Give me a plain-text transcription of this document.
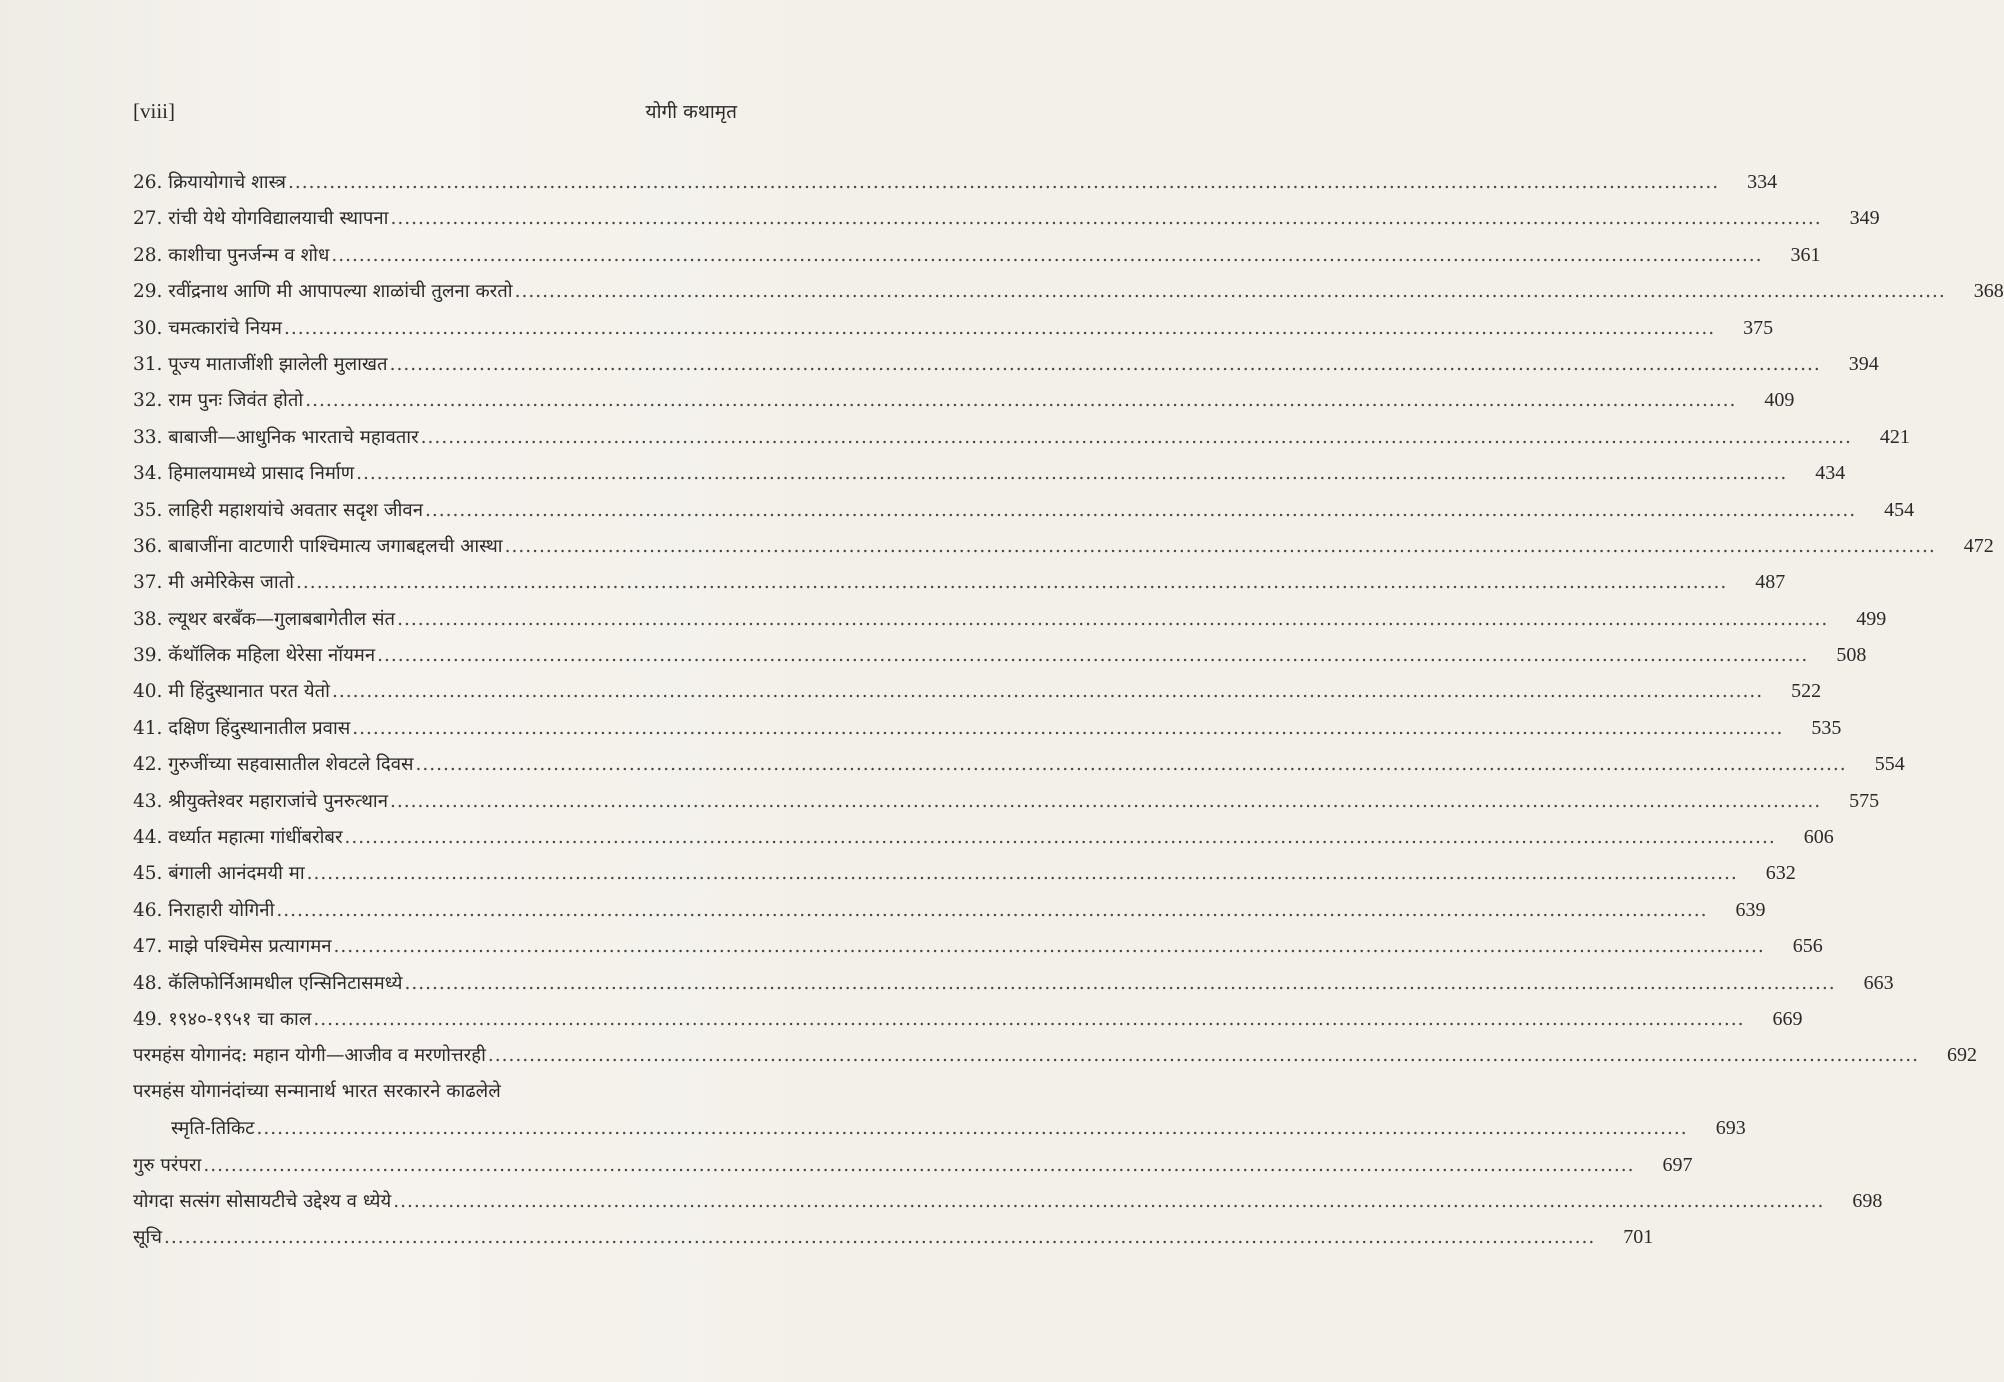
[viii]	योगी कथामृत
26. क्रियायोगाचे शास्त्र .....	334
27. रांची येथे योगविद्यालयाची स्थापना .....	349
28. काशीचा पुनर्जन्म व शोध .....	361
29. रवींद्रनाथ आणि मी आपापल्या शाळांची तुलना करतो .....	368
30. चमत्कारांचे नियम .....	375
31. पूज्य माताजींशी झालेली मुलाखत .....	394
32. राम पुनः जिवंत होतो .....	409
33. बाबाजी—आधुनिक भारताचे महावतार .....	421
34. हिमालयामध्ये प्रासाद निर्माण .....	434
35. लाहिरी महाशयांचे अवतार सदृश जीवन .....	454
36. बाबाजींना वाटणारी पाश्चिमात्य जगाबद्दलची आस्था .....	472
37. मी अमेरिकेस जातो .....	487
38. ल्यूथर बरबँक—गुलाबबागेतील संत .....	499
39. कॅथॉलिक महिला थेरेसा नॉयमन .....	508
40. मी हिंदुस्थानात परत येतो .....	522
41. दक्षिण हिंदुस्थानातील प्रवास .....	535
42. गुरुजींच्या सहवासातील शेवटले दिवस .....	554
43. श्रीयुक्तेश्वर महाराजांचे पुनरुत्थान .....	575
44. वर्ध्यात महात्मा गांधींबरोबर .....	606
45. बंगाली आनंदमयी मा .....	632
46. निराहारी योगिनी .....	639
47. माझे पश्चिमेस प्रत्यागमन .....	656
48. कॅलिफोर्निआमधील एन्सिनिटासमध्ये .....	663
49. १९४०-१९५१ चा काल .....	669
परमहंस योगानंद: महान योगी—आजीव व मरणोत्तरही .....	692
परमहंस योगानंदांच्या सन्मानार्थ भारत सरकारने काढलेले
स्मृति-तिकिट .....	693
गुरु परंपरा .....	697
योगदा सत्संग सोसायटीचे उद्देश्य व ध्येये .....	698
सूचि .....	701
